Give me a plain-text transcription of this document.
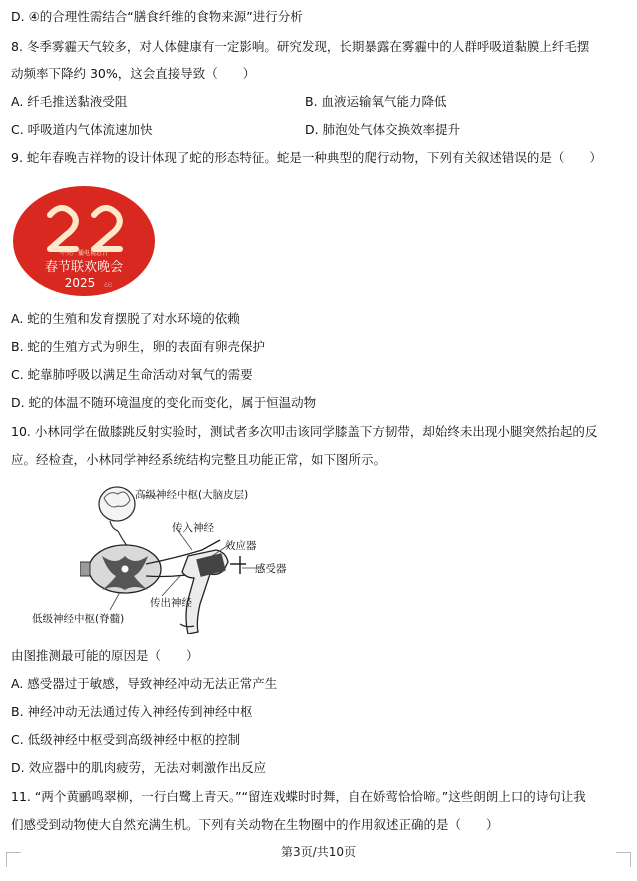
D. ④的合理性需结合“膳食纤维的食物来源”进行分析
8. 冬季雾霾天气较多，对人体健康有一定影响。研究发现，长期暴露在雾霾中的人群呼吸道黏膜上纤毛摆
动频率下降约 30%，这会直接导致（　　）
A. 纤毛推送黏液受阻	B. 血液运输氧气能力降低
C. 呼吸道内气体流速加快	D. 肺泡处气体交换效率提升
9. 蛇年春晚吉祥物的设计体现了蛇的形态特征。蛇是一种典型的爬行动物，下列有关叙述错误的是（　　）
中央广播电视总台
春节联欢晚会
2025 乙巳
A. 蛇的生殖和发育摆脱了对水环境的依赖
B. 蛇的生殖方式为卵生，卵的表面有卵壳保护
C. 蛇靠肺呼吸以满足生命活动对氧气的需要
D. 蛇的体温不随环境温度的变化而变化，属于恒温动物
10. 小林同学在做膝跳反射实验时，测试者多次叩击该同学膝盖下方韧带，却始终未出现小腿突然抬起的反
应。经检查，小林同学神经系统结构完整且功能正常，如下图所示。
高级神经中枢(大脑皮层)
传入神经
效应器
感受器
传出神经
低级神经中枢(脊髓)
由图推测最可能的原因是（　　）
A. 感受器过于敏感，导致神经冲动无法正常产生
B. 神经冲动无法通过传入神经传到神经中枢
C. 低级神经中枢受到高级神经中枢的控制
D. 效应器中的肌肉疲劳，无法对刺激作出反应
11. “两个黄鹂鸣翠柳，一行白鹭上青天。”“留连戏蝶时时舞，自在娇莺恰恰啼。”这些朗朗上口的诗句让我
们感受到动物使大自然充满生机。下列有关动物在生物圈中的作用叙述正确的是（　　）
第3页/共10页
